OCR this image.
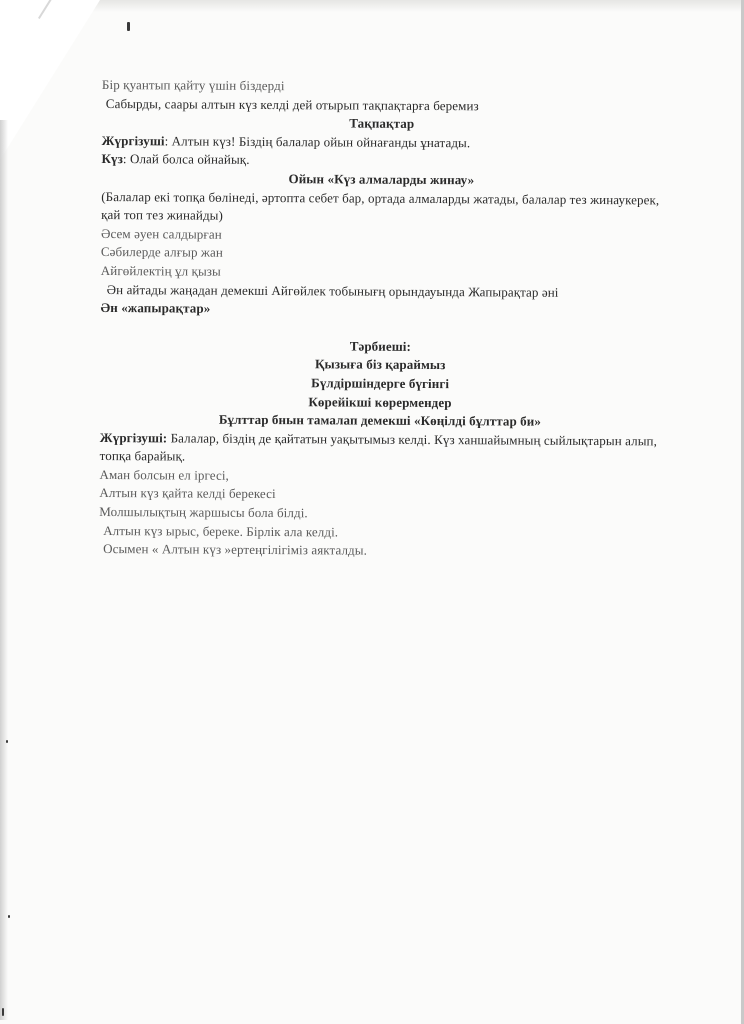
Бір қуантып қайту үшін біздерді
Сабырды, саары алтын күз келді дей отырып тақпақтарға беремиз
Тақпақтар
Жүргізуші: Алтын күз! Біздің балалар ойын ойнағанды ұнатады.
Күз: Олай болса ойнайық.
Ойын «Күз алмаларды жинау»
(Балалар екі топқа бөлінеді, әртопта себет бар, ортада алмаларды жатады, балалар тез жинаукерек, қай топ тез жинайды)
Әсем әуен салдырған
Сәбилерде алғыр жан
Айгөйлектің ұл қызы
Ән айтады жаңадан демекші Айгөйлек тобынығң орындауында Жапырақтар әні
Ән «жапырақтар»
Тәрбиеші:
Қызыға біз қараймыз
Бүлдіршіндерге бүгінгі
Көрейікші көрермендер
Бұлттар бнын тамалап демекші «Көңілді бұлттар би»
Жүргізуші: Балалар, біздің де қайтатын уақытымыз келді. Күз ханшайымның сыйлықтарын алып, топқа барайық.
Аман болсын ел іргесі,
Алтын күз қайта келді берекесі
Молшылықтың жаршысы бола білді.
Алтын күз ырыс, береке. Бірлік ала келді.
Осымен « Алтын күз »ертеңгілігіміз аякталды.
